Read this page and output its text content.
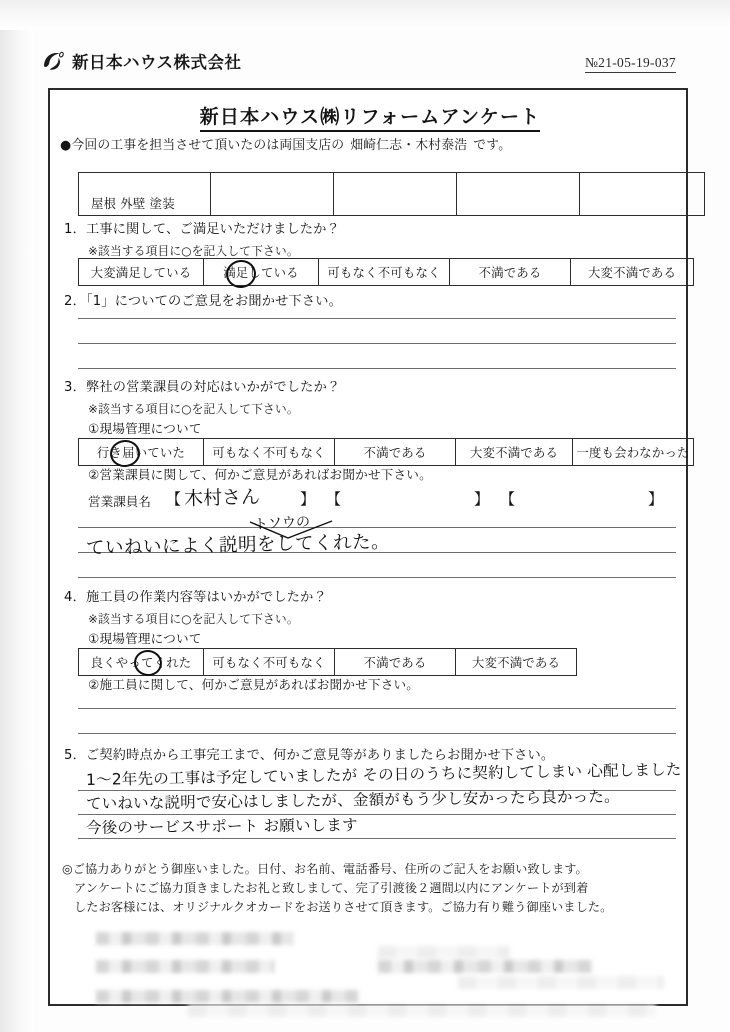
新日本ハウス株式会社	№21-05-19-037
新日本ハウス㈱リフォームアンケート
●今回の工事を担当させて頂いたのは両国支店の 畑崎仁志・木村泰浩 です。
屋根 外壁 塗装				
1．工事に関して、ご満足いただけましたか？
※該当する項目に○を記入して下さい。
大変満足している	満足している	可もなく不可もなく	不満である	大変不満である
2．「1」についてのご意見をお聞かせ下さい。
3．弊社の営業課員の対応はいかがでしたか？
※該当する項目に○を記入して下さい。
①現場管理について
行き届いていた	可もなく不可もなく	不満である	大変不満である	一度も会わなかった
②営業課員に関して、何かご意見があればお聞かせ下さい。
営業課員名 【 木村さん	】 【	】 【	】
トソウの
ていねいによく説明をしてくれた。
4．施工員の作業内容等はいかがでしたか？
※該当する項目に○を記入して下さい。
①現場管理について
良くやってくれた	可もなく不可もなく	不満である	大変不満である
②施工員に関して、何かご意見があればお聞かせ下さい。
5．ご契約時点から工事完工まで、何かご意見等がありましたらお聞かせ下さい。
1～2年先の工事は予定していましたが その日のうちに契約してしまい 心配しました
ていねいな説明で安心はしましたが、金額がもう少し安かったら良かった。
今後のサービスサポート お願いします
◎ご協力ありがとう御座いました。日付、お名前、電話番号、住所のご記入をお願い致します。
アンケートにご協力頂きましたお礼と致しまして、完了引渡後２週間以内にアンケートが到着
したお客様には、オリジナルクオカードをお送りさせて頂きます。ご協力有り難う御座いました。
